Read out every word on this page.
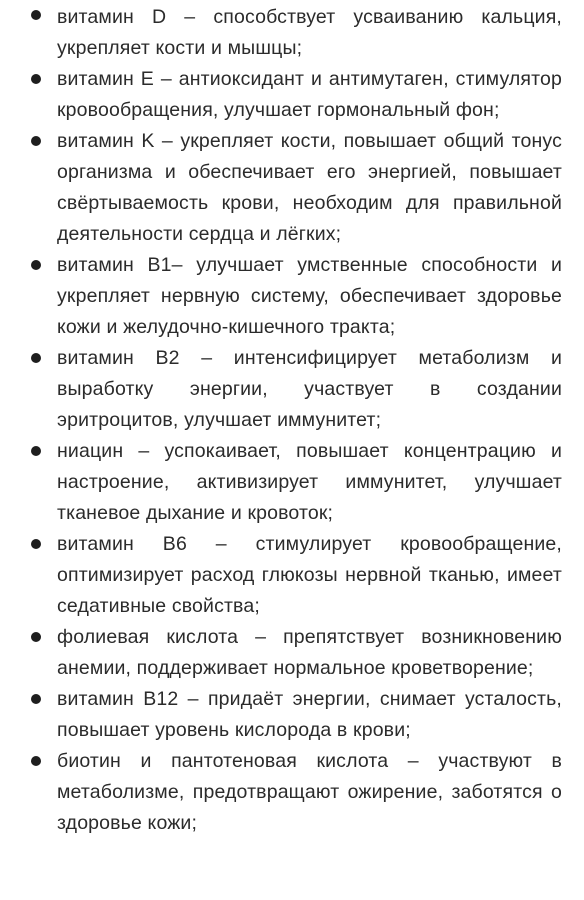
витамин D – способствует усваиванию кальция, укрепляет кости и мышцы;
витамин E – антиоксидант и антимутаген, стимулятор кровообращения, улучшает гормональный фон;
витамин K – укрепляет кости, повышает общий тонус организма и обеспечивает его энергией, повышает свёртываемость крови, необходим для правильной деятельности сердца и лёгких;
витамин B1– улучшает умственные способности и укрепляет нервную систему, обеспечивает здоровье кожи и желудочно-кишечного тракта;
витамин B2 – интенсифицирует метаболизм и выработку энергии, участвует в создании эритроцитов, улучшает иммунитет;
ниацин – успокаивает, повышает концентрацию и настроение, активизирует иммунитет, улучшает тканевое дыхание и кровоток;
витамин B6 – стимулирует кровообращение, оптимизирует расход глюкозы нервной тканью, имеет седативные свойства;
фолиевая кислота – препятствует возникновению анемии, поддерживает нормальное кроветворение;
витамин B12 – придаёт энергии, снимает усталость, повышает уровень кислорода в крови;
биотин и пантотеновая кислота – участвуют в метаболизме, предотвращают ожирение, заботятся о здоровье кожи;
